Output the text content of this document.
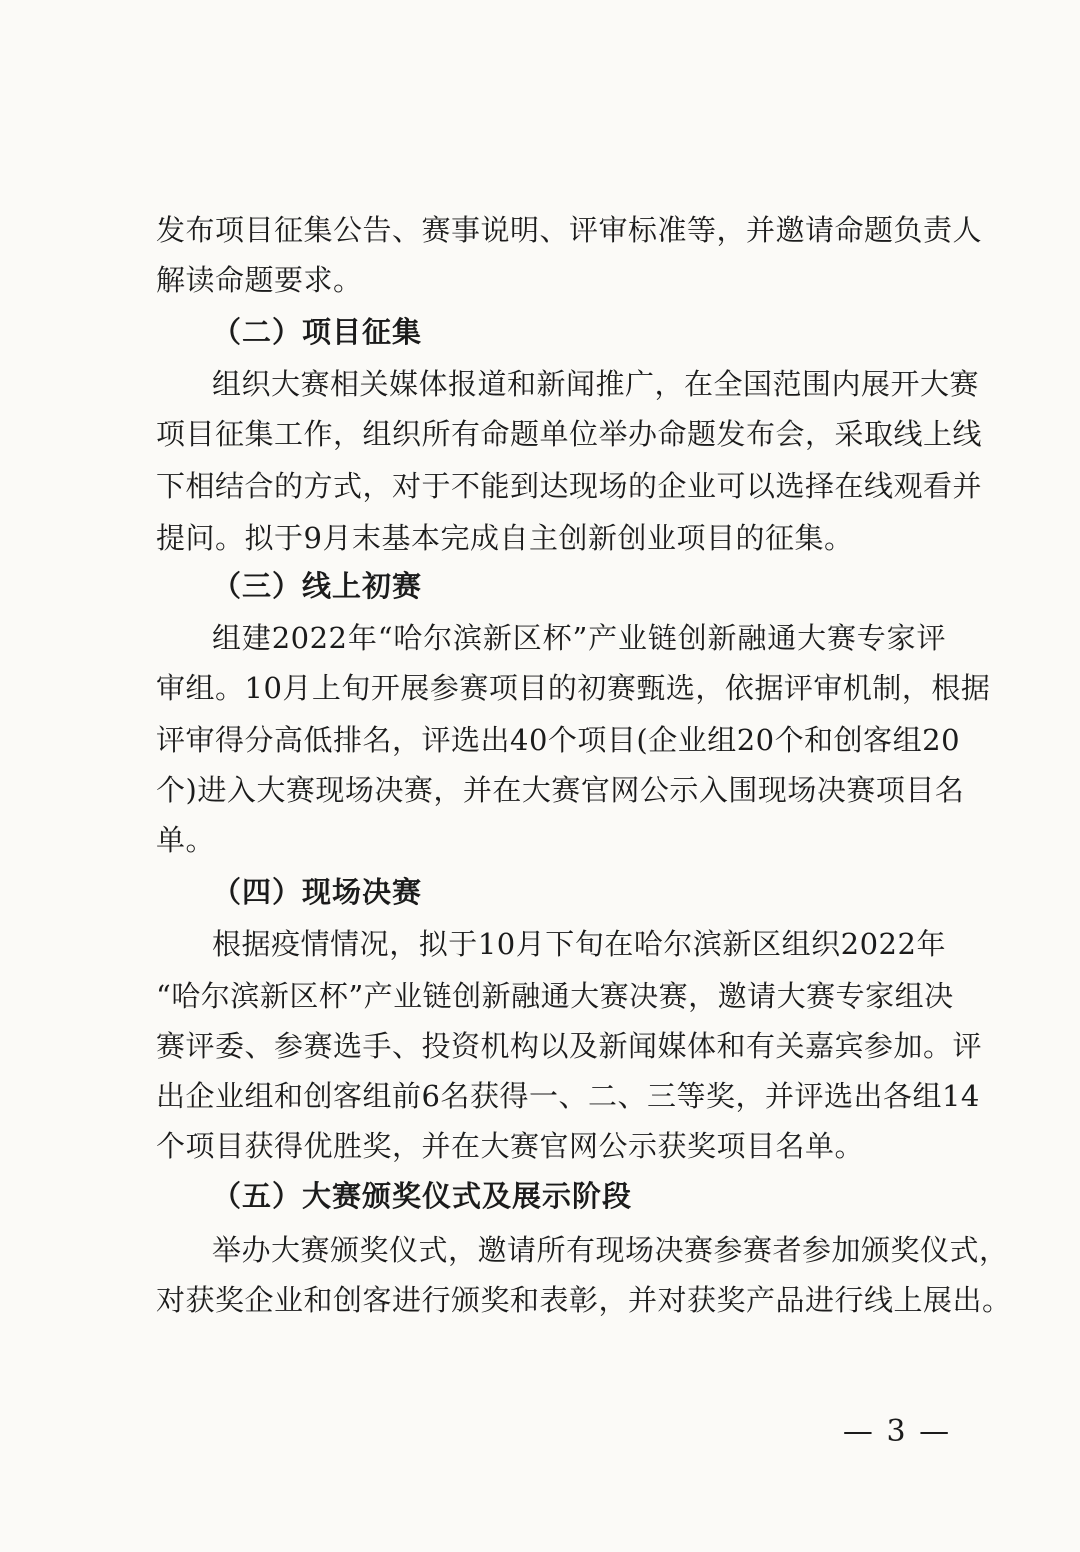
发布项目征集公告、赛事说明、评审标准等，并邀请命题负责人
解读命题要求。
（二）项目征集
组织大赛相关媒体报道和新闻推广，在全国范围内展开大赛
项目征集工作，组织所有命题单位举办命题发布会，采取线上线
下相结合的方式，对于不能到达现场的企业可以选择在线观看并
提问。拟于9月末基本完成自主创新创业项目的征集。
（三）线上初赛
组建2022年“哈尔滨新区杯”产业链创新融通大赛专家评
审组。10月上旬开展参赛项目的初赛甄选，依据评审机制，根据
评审得分高低排名，评选出40个项目(企业组20个和创客组20
个)进入大赛现场决赛，并在大赛官网公示入围现场决赛项目名
单。
（四）现场决赛
根据疫情情况，拟于10月下旬在哈尔滨新区组织2022年
“哈尔滨新区杯”产业链创新融通大赛决赛，邀请大赛专家组决
赛评委、参赛选手、投资机构以及新闻媒体和有关嘉宾参加。评
出企业组和创客组前6名获得一、二、三等奖，并评选出各组14
个项目获得优胜奖，并在大赛官网公示获奖项目名单。
（五）大赛颁奖仪式及展示阶段
举办大赛颁奖仪式，邀请所有现场决赛参赛者参加颁奖仪式，
对获奖企业和创客进行颁奖和表彰，并对获奖产品进行线上展出。
— 3 —
